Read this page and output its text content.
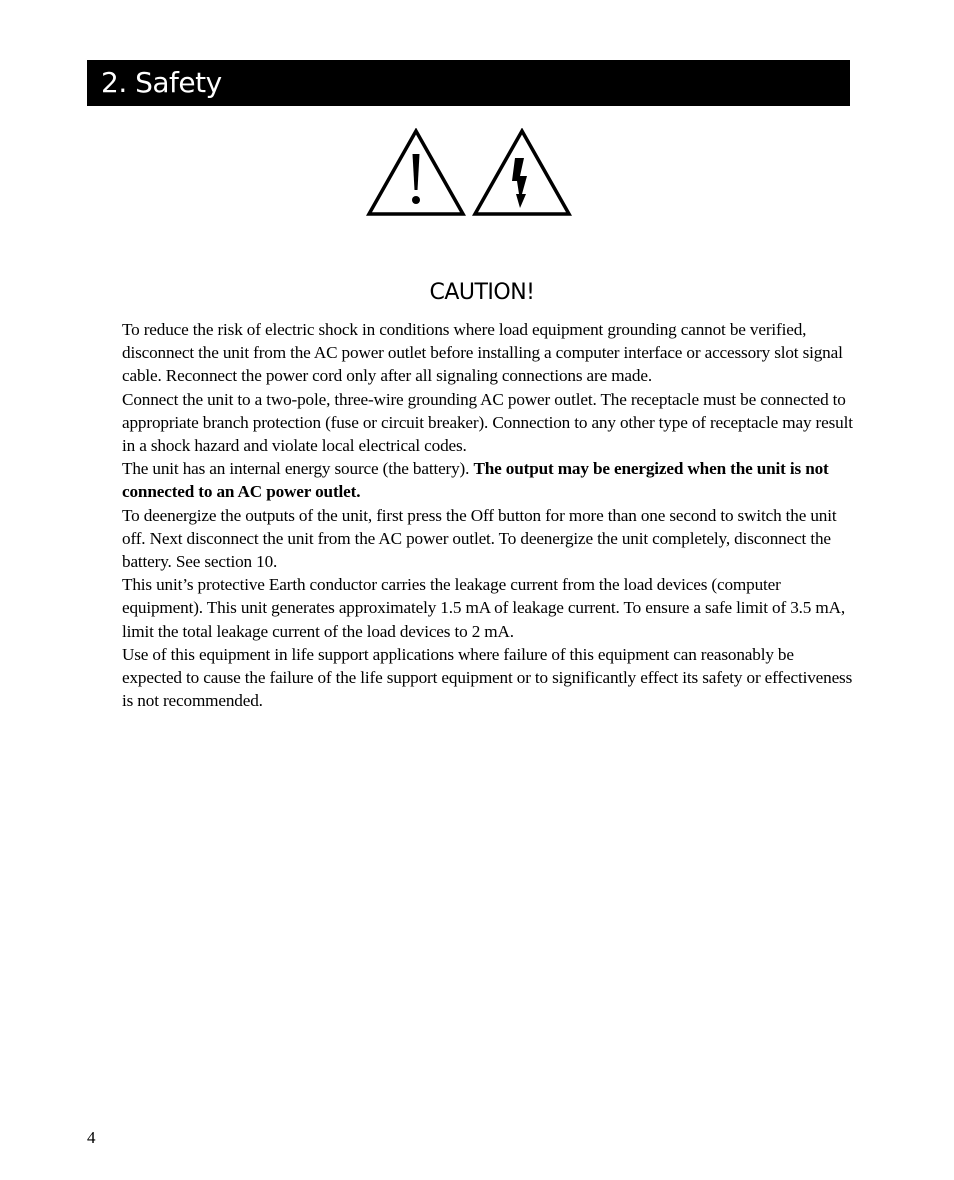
2. Safety
CAUTION!

To reduce the risk of electric shock in conditions where load equipment grounding cannot be verified, disconnect the unit from the AC power outlet before installing a computer interface or accessory slot signal cable. Reconnect the power cord only after all signaling connections are made.

Connect the unit to a two-pole, three-wire grounding AC power outlet. The receptacle must be connected to appropriate branch protection (fuse or circuit breaker). Connection to any other type of receptacle may result in a shock hazard and violate local electrical codes.

The unit has an internal energy source (the battery). The output may be energized when the unit is not connected to an AC power outlet.

To deenergize the outputs of the unit, first press the Off button for more than one second to switch the unit off. Next disconnect the unit from the AC power outlet. To deenergize the unit completely, disconnect the battery. See section 10.

This unit’s protective Earth conductor carries the leakage current from the load devices (computer equipment). This unit generates approximately 1.5 mA of leakage current. To ensure a safe limit of 3.5 mA, limit the total leakage current of the load devices to 2 mA.

Use of this equipment in life support applications where failure of this equipment can reasonably be expected to cause the failure of the life support equipment or to significantly effect its safety or effectiveness is not recommended.

4
